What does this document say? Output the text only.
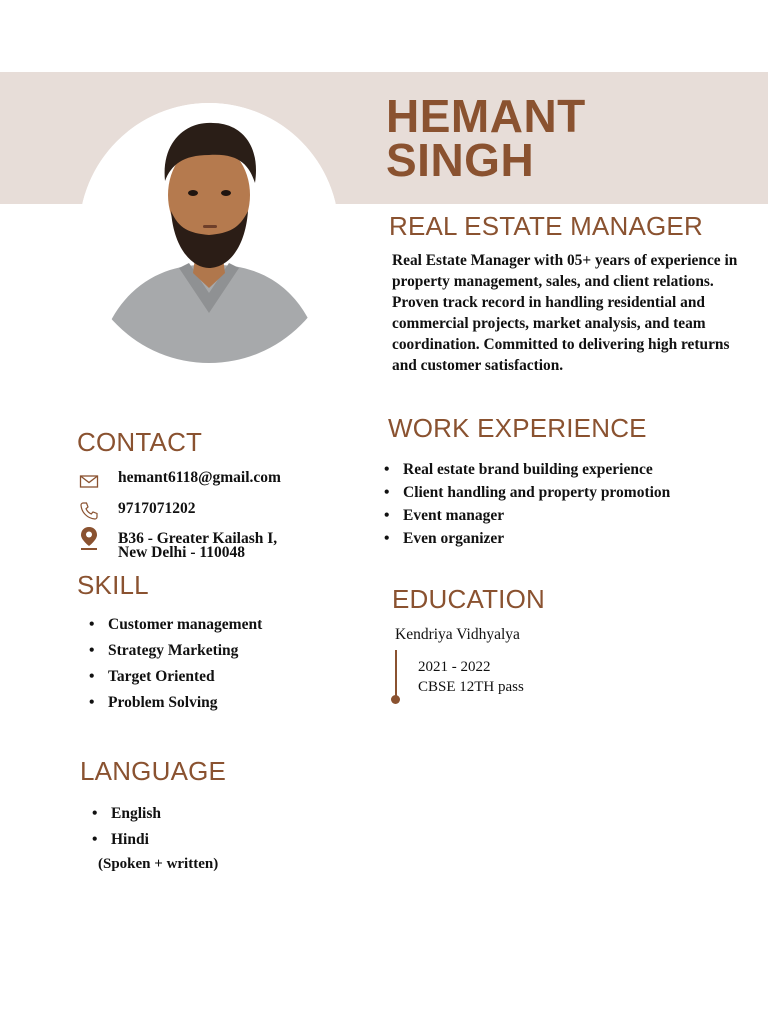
HEMANT
SINGH
REAL ESTATE MANAGER

Real Estate Manager with 05+ years of experience in property management, sales, and client relations. Proven track record in handling residential and commercial projects, market analysis, and team coordination. Committed to delivering high returns and customer satisfaction.

CONTACT
hemant6118@gmail.com
9717071202
B36 - Greater Kailash I,
New Delhi - 110048
SKILL
• Customer management
• Strategy Marketing
• Target Oriented
• Problem Solving
LANGUAGE
• English
• Hindi
(Spoken + written)
WORK EXPERIENCE
• Real estate brand building experience
• Client handling and property promotion
• Event manager
• Even organizer
EDUCATION
Kendriya Vidhyalya
2021 - 2022
CBSE 12TH pass
